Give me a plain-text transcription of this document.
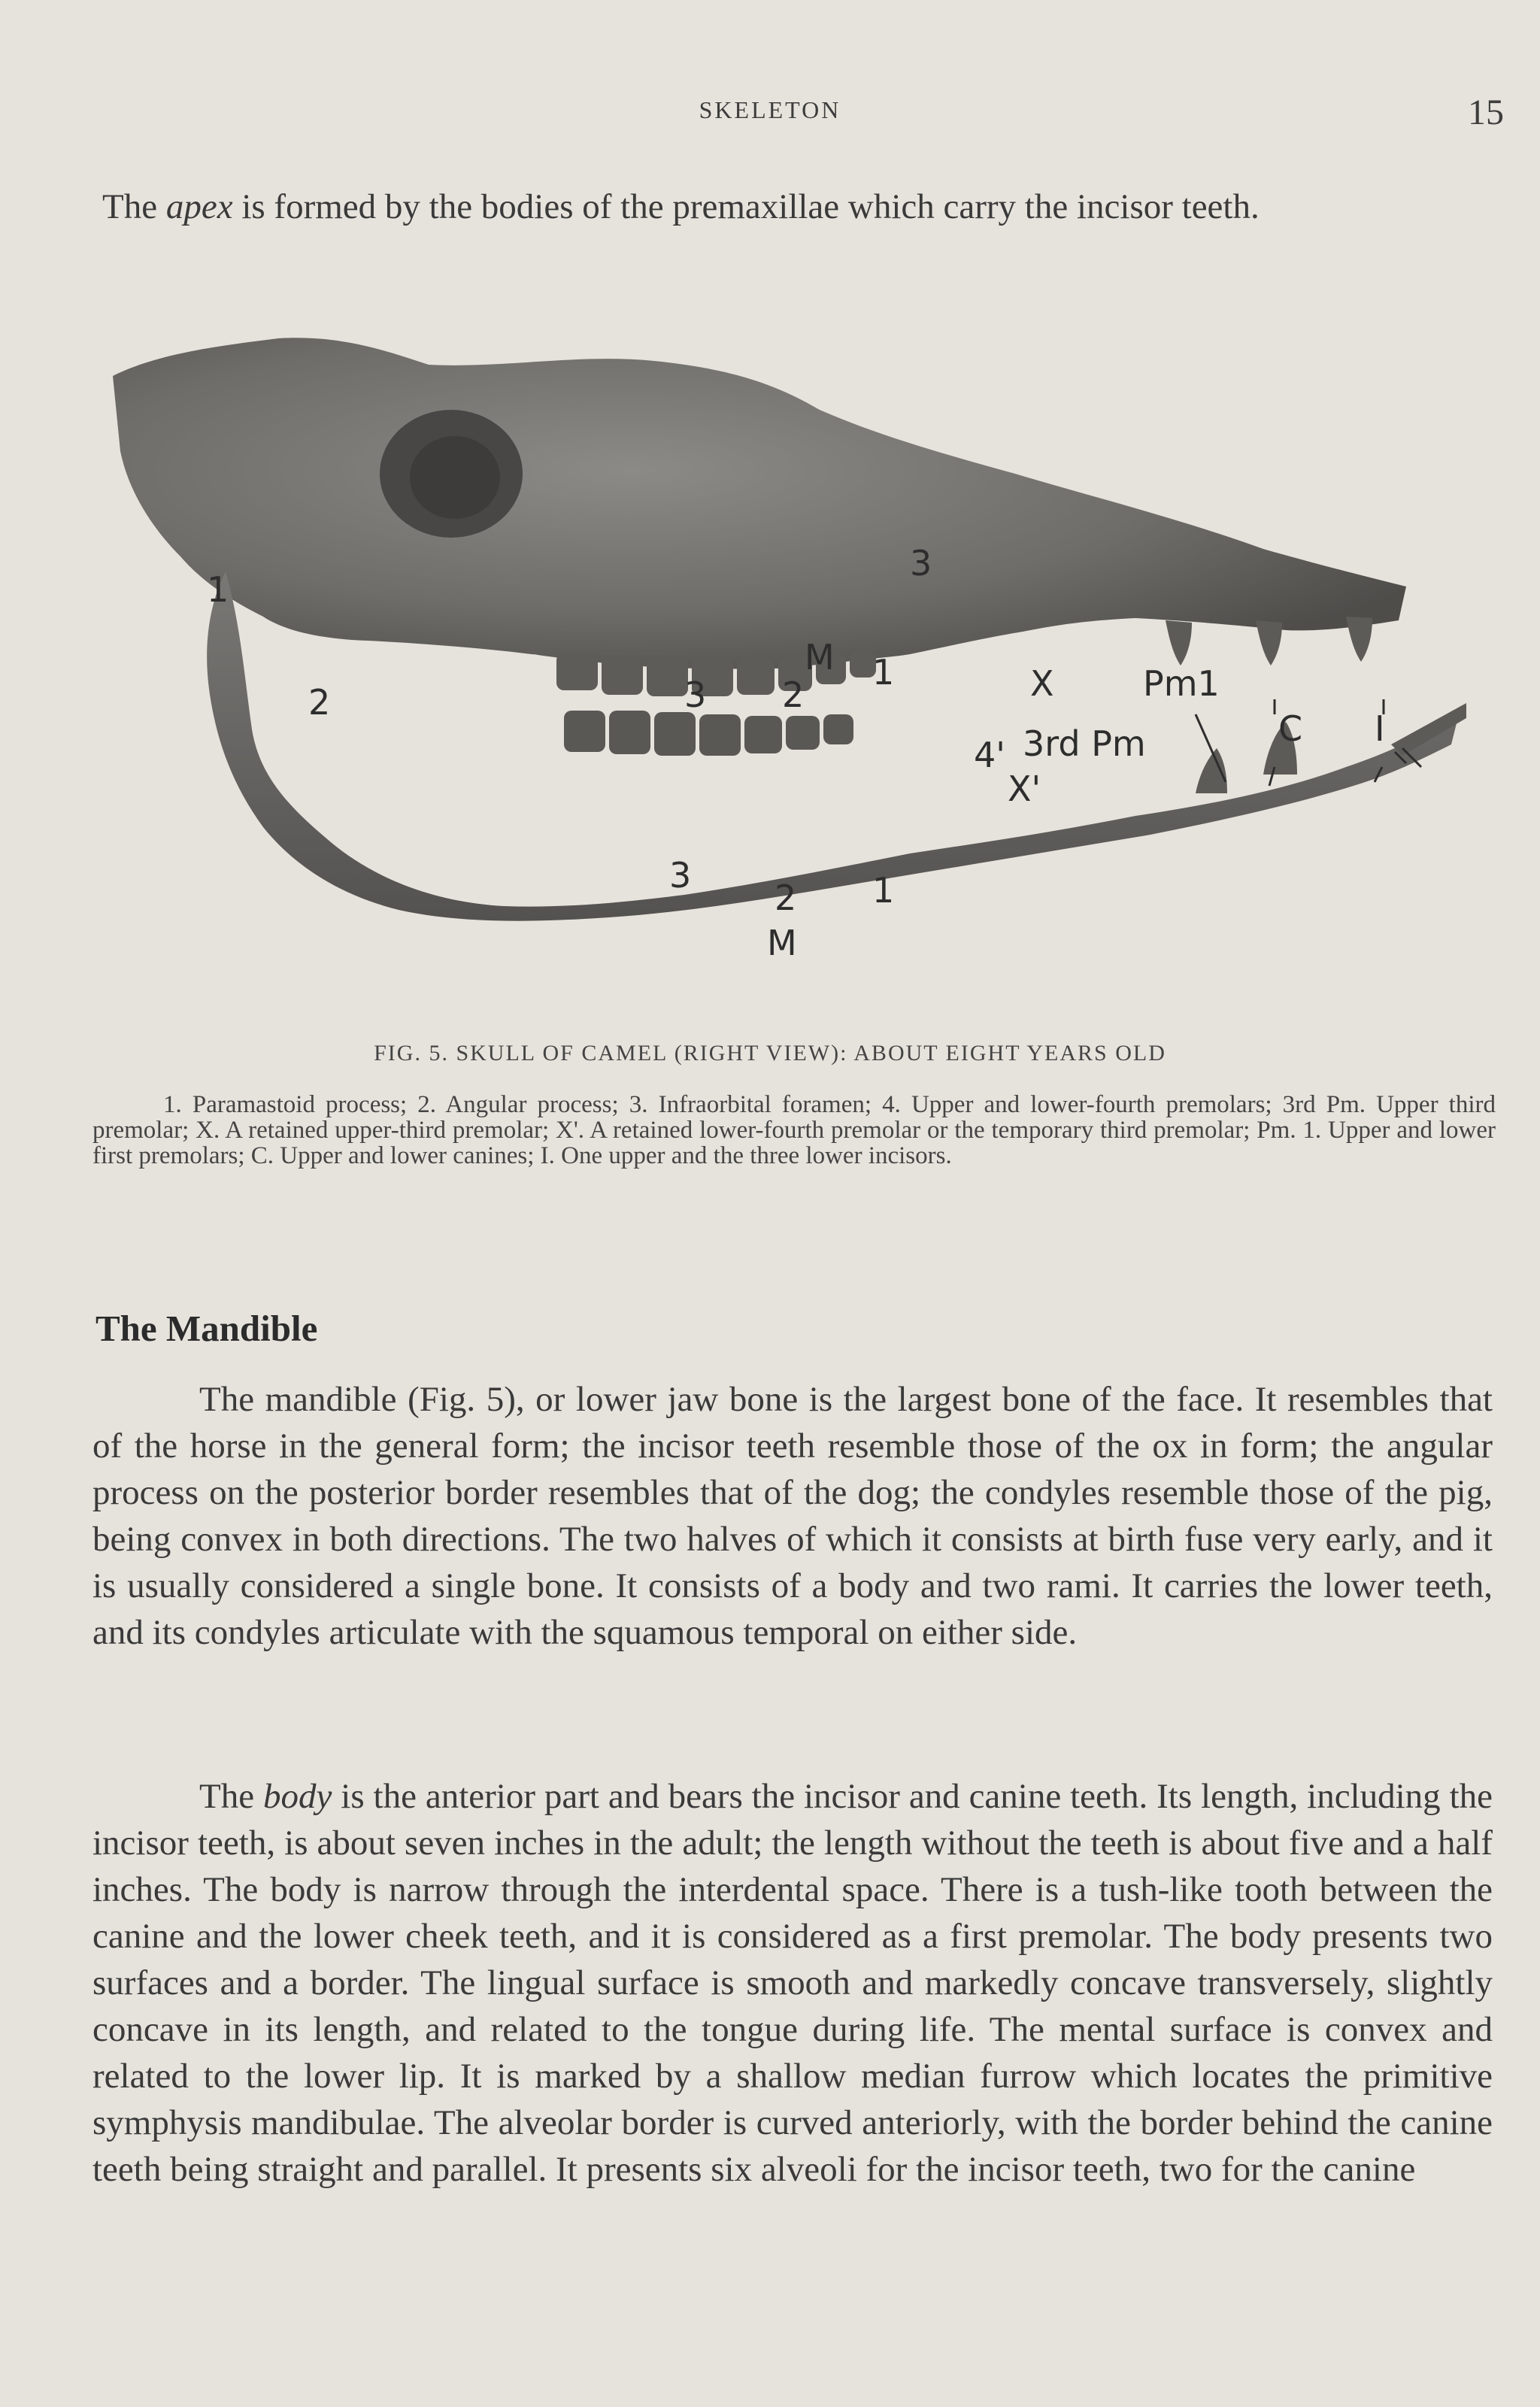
SKELETON	15

The apex is formed by the bodies of the premaxillae which carry the incisor teeth.

1
2
3
M
3 2
1	X	Pm1
4' 3rd Pm
X'
C I
3
2 1
M
FIG. 5. SKULL OF CAMEL (RIGHT VIEW): ABOUT EIGHT YEARS OLD

1. Paramastoid process; 2. Angular process; 3. Infraorbital foramen; 4. Upper and lower-fourth premolars; 3rd Pm. Upper third premolar; X. A retained upper-third premolar; X'. A retained lower-fourth premolar or the temporary third premolar; Pm. 1. Upper and lower first premolars; C. Upper and lower canines; I. One upper and the three lower incisors.

The Mandible

The mandible (Fig. 5), or lower jaw bone is the largest bone of the face. It resembles that of the horse in the general form; the incisor teeth resemble those of the ox in form; the angular process on the posterior border resembles that of the dog; the condyles resemble those of the pig, being convex in both directions. The two halves of which it consists at birth fuse very early, and it is usually considered a single bone. It consists of a body and two rami. It carries the lower teeth, and its condyles articulate with the squamous temporal on either side.

The body is the anterior part and bears the incisor and canine teeth. Its length, including the incisor teeth, is about seven inches in the adult; the length without the teeth is about five and a half inches. The body is narrow through the interdental space. There is a tush-like tooth between the canine and the lower cheek teeth, and it is considered as a first premolar. The body presents two surfaces and a border. The lingual surface is smooth and markedly concave transversely, slightly concave in its length, and related to the tongue during life. The mental surface is convex and related to the lower lip. It is marked by a shallow median furrow which locates the primitive symphysis mandibulae. The alveolar border is curved anteriorly, with the border behind the canine teeth being straight and parallel. It presents six alveoli for the incisor teeth, two for the canine
